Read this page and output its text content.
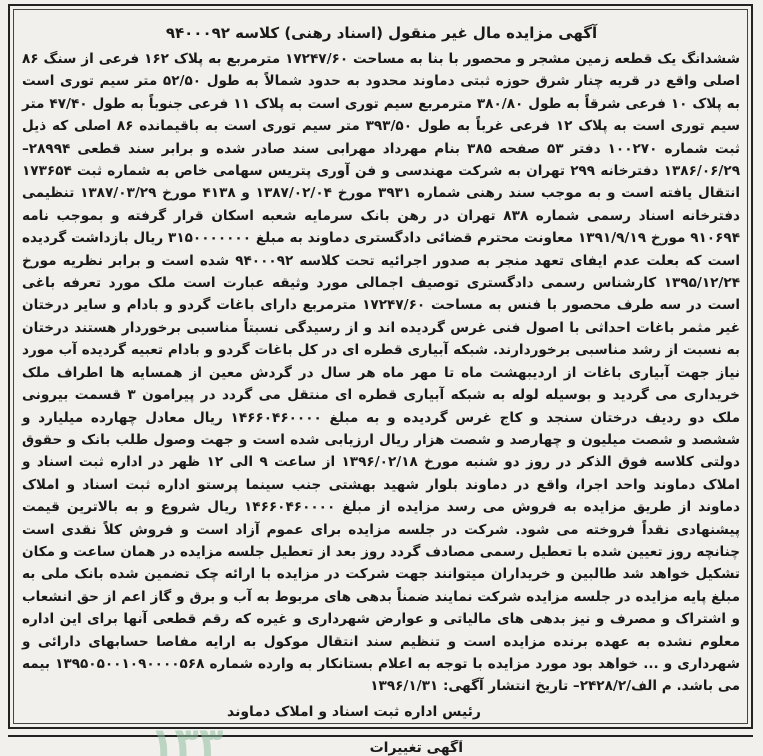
آگهی مزایده مال غیر منقول (اسناد رهنی) کلاسه ۹۴۰۰۰۹۲
ششدانگ یک قطعه زمین مشجر و محصور با بنا به مساحت ۱۷۲۴۷/۶۰ مترمربع به پلاک ۱۶۲ فرعی از سنگ ۸۶ اصلی واقع در قریه چنار شرق حوزه ثبتی دماوند محدود به حدود شمالاً به طول ۵۲/۵۰ متر سیم توری است به پلاک ۱۰ فرعی شرقاً به طول ۳۸۰/۸۰ مترمربع سیم توری است به پلاک ۱۱ فرعی جنوباً به طول ۴۷/۴۰ متر سیم توری است به پلاک ۱۲ فرعی غرباً به طول ۳۹۳/۵۰ متر سیم توری است به باقیمانده ۸۶ اصلی که ذیل ثبت شماره ۱۰۰۲۷۰ دفتر ۵۳ صفحه ۳۸۵ بنام مهرداد مهرابی سند صادر شده و برابر سند قطعی ۲۸۹۹۴–۱۳۸۶/۰۶/۲۹ دفترخانه ۲۹۹ تهران به شرکت مهندسی و فن آوری پتریس سهامی خاص به شماره ثبت ۱۷۳۶۵۴ انتقال یافته است و به موجب سند رهنی شماره ۳۹۳۱ مورخ ۱۳۸۷/۰۲/۰۴ و ۴۱۳۸ مورخ ۱۳۸۷/۰۳/۲۹ تنظیمی دفترخانه اسناد رسمی شماره ۸۳۸ تهران در رهن بانک سرمایه شعبه اسکان قرار گرفته و بموجب نامه ۹۱۰۶۹۴ مورخ ۱۳۹۱/۹/۱۹ معاونت محترم قضائی دادگستری دماوند به مبلغ ۳۱۵۰۰۰۰۰۰۰ ریال بازداشت گردیده است که بعلت عدم ایفای تعهد منجر به صدور اجرائیه تحت کلاسه ۹۴۰۰۰۹۲ شده است و برابر نظریه مورخ ۱۳۹۵/۱۲/۲۴ کارشناس رسمی دادگستری توصیف اجمالی مورد وثیقه عبارت است ملک مورد تعرفه باغی است در سه طرف محصور با فنس به مساحت ۱۷۲۴۷/۶۰ مترمربع دارای باغات گردو و بادام و سایر درختان غیر مثمر باغات احداثی با اصول فنی غرس گردیده اند و از رسیدگی نسبتاً مناسبی برخوردار هستند درختان به نسبت از رشد مناسبی برخوردارند. شبکه آبیاری قطره ای در کل باغات گردو و بادام تعبیه گردیده آب مورد نیاز جهت آبیاری باغات از اردیبهشت ماه تا مهر ماه هر سال در گردش معین از همسایه ها اطراف ملک خریداری می گردید و بوسیله لوله به شبکه آبیاری قطره ای منتقل می گردد در پیرامون ۳ قسمت بیرونی ملک دو ردیف درختان سنجد و کاج غرس گردیده و به مبلغ ۱۴۶۶۰۴۶۰۰۰۰ ریال معادل چهارده میلیارد و ششصد و شصت میلیون و چهارصد و شصت هزار ریال ارزیابی شده است و جهت وصول طلب بانک و حقوق دولتی کلاسه فوق الذکر در روز دو شنبه مورخ ۱۳۹۶/۰۲/۱۸ از ساعت ۹ الی ۱۲ ظهر در اداره ثبت اسناد و املاک دماوند واحد اجرا، واقع در دماوند بلوار شهید بهشتی جنب سینما پرستو اداره ثبت اسناد و املاک دماوند از طریق مزایده به فروش می رسد مزایده از مبلغ ۱۴۶۶۰۴۶۰۰۰۰ ریال شروع و به بالاترین قیمت پیشنهادی نقداً فروخته می شود. شرکت در جلسه مزایده برای عموم آزاد است و فروش کلاً نقدی است چنانچه روز تعیین شده با تعطیل رسمی مصادف گردد روز بعد از تعطیل جلسه مزایده در همان ساعت و مکان تشکیل خواهد شد طالبین و خریداران میتوانند جهت شرکت در مزایده با ارائه چک تضمین شده بانک ملی به مبلغ پایه مزایده در جلسه مزایده شرکت نمایند ضمناً بدهی های مربوط به آب و برق و گاز اعم از حق انشعاب و اشتراک و مصرف و نیز بدهی های مالیاتی و عوارض شهرداری و غیره که رقم قطعی آنها برای این اداره معلوم نشده به عهده برنده مزایده است و تنظیم سند انتقال موکول به ارایه مفاصا حسابهای دارائی و شهرداری و ... خواهد بود مورد مزایده با توجه به اعلام بستانکار به وارده شماره ۱۳۹۵۰۵۰۰۱۰۹۰۰۰۰۵۶۸ بیمه می باشد. م الف/۲۴۲۸/۲– تاریخ انتشار آگهی: ۱۳۹۶/۱/۳۱
رئیس اداره ثبت اسناد و املاک دماوند
۱۳۳	آگهی تغییرات
